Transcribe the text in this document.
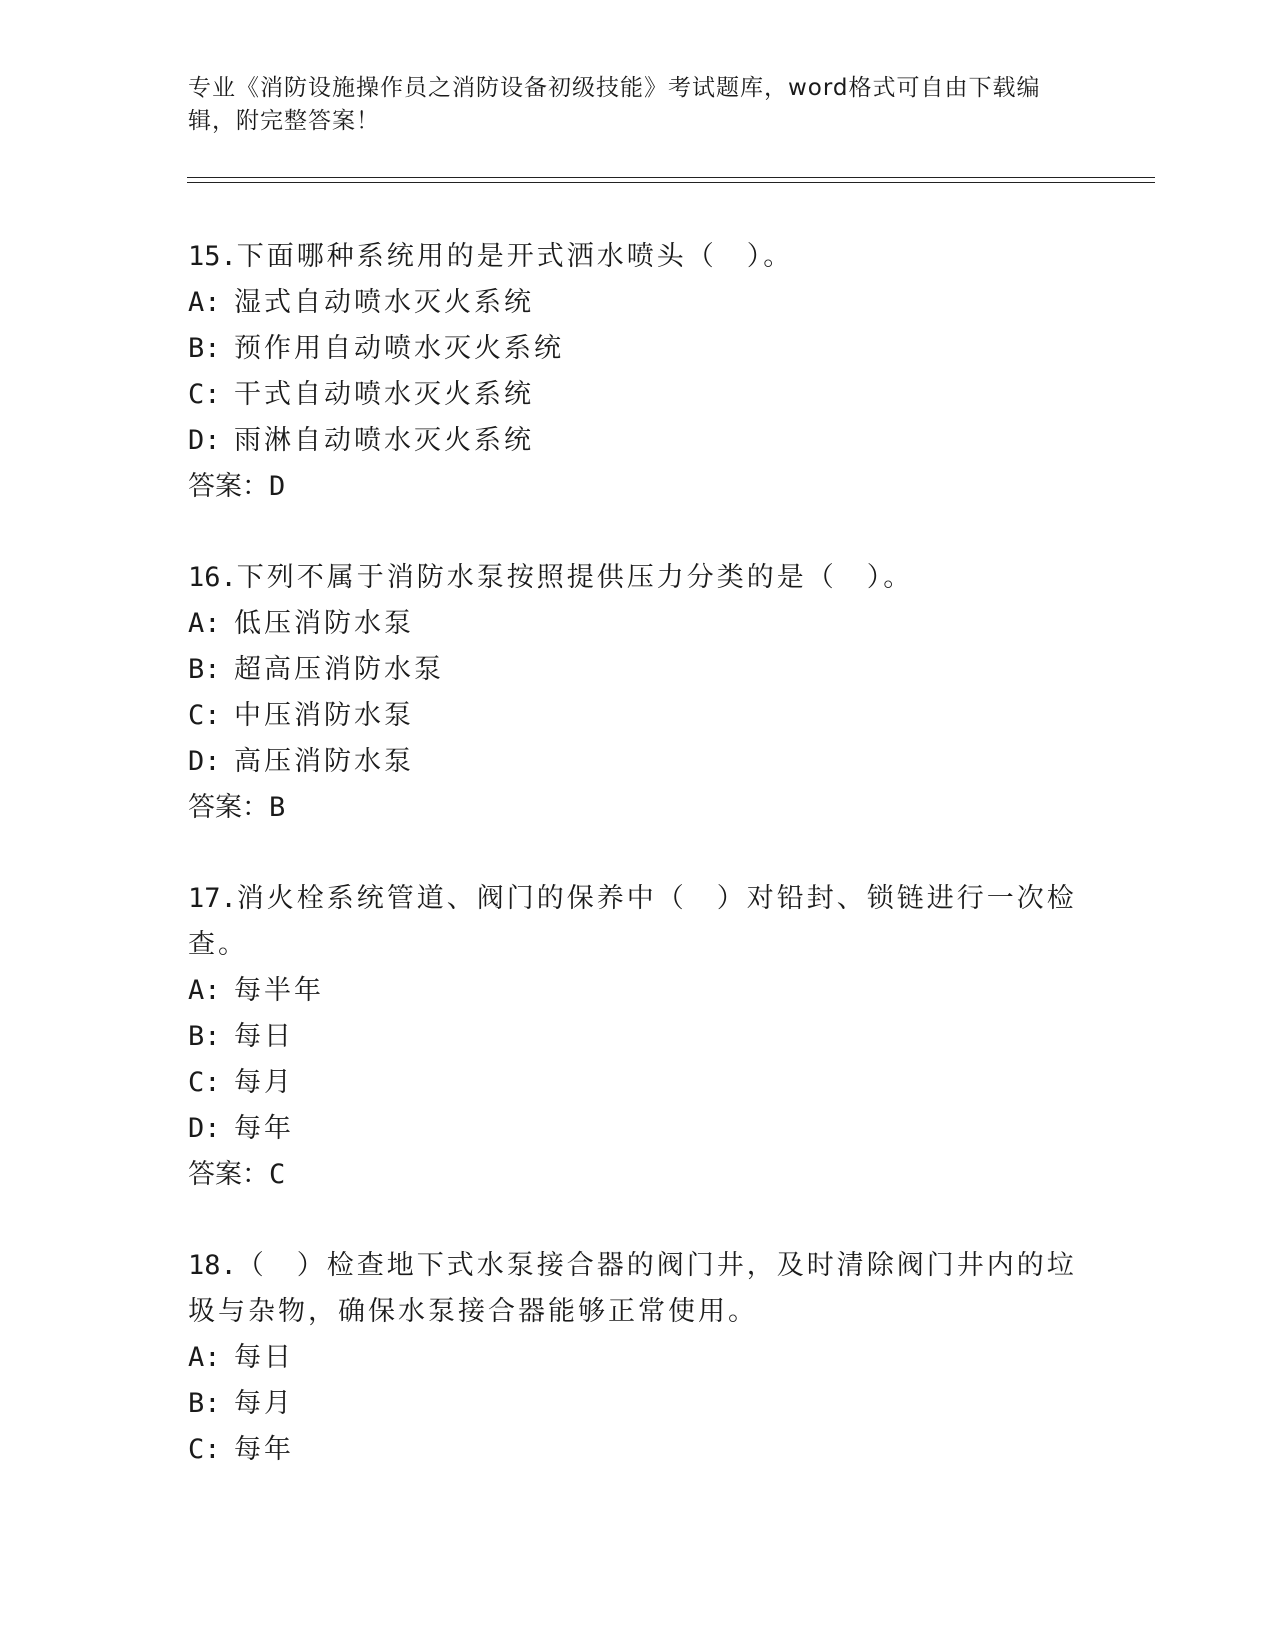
专业《消防设施操作员之消防设备初级技能》考试题库，word格式可自由下载编辑，附完整答案！
15.下面哪种系统用的是开式洒水喷头（　）。
A: 湿式自动喷水灭火系统
B: 预作用自动喷水灭火系统
C: 干式自动喷水灭火系统
D: 雨淋自动喷水灭火系统
答案：D
16.下列不属于消防水泵按照提供压力分类的是（　）。
A: 低压消防水泵
B: 超高压消防水泵
C: 中压消防水泵
D: 高压消防水泵
答案：B
17.消火栓系统管道、阀门的保养中（　）对铅封、锁链进行一次检查。
A: 每半年
B: 每日
C: 每月
D: 每年
答案：C
18.（　）检查地下式水泵接合器的阀门井，及时清除阀门井内的垃圾与杂物，确保水泵接合器能够正常使用。
A: 每日
B: 每月
C: 每年
